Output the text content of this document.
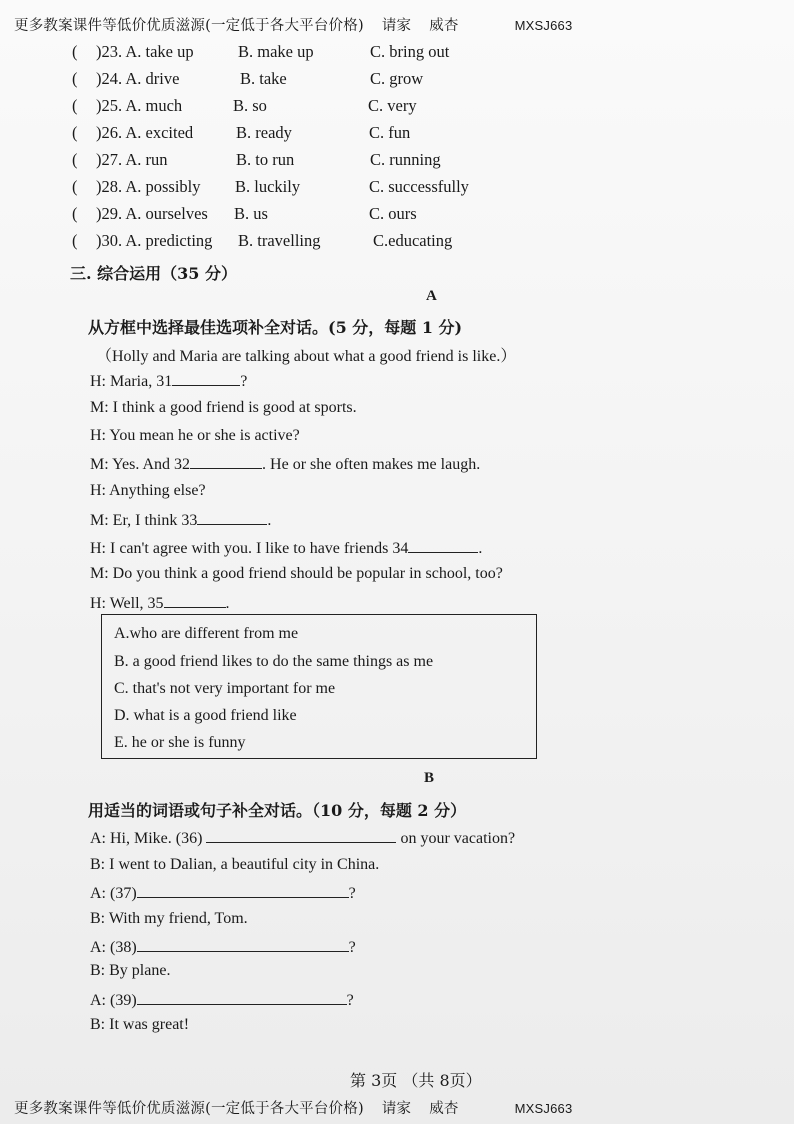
更多教案课件等低价优质滋源(一定低于各大平台价格) 请家 威杏	MXSJ663
( )23. A. take up	B. make up	C. bring out
( )24. A. drive	B. take	C. grow
( )25. A. much	B. so	C. very
( )26. A. excited	B. ready	C. fun
( )27. A. run	B. to run	C. running
( )28. A. possibly B. luckily	C. successfully
( )29. A. ourselves B. us	C. ours
( )30. A. predicting B. travelling	C.educating
三. 综合运用（35 分）
A
从方框中选择最佳选项补全对话。(5 分，每题 1 分)
（Holly and Maria are talking about what a good friend is like.）
H: Maria, 31	?
M: I think a good friend is good at sports.
H: You mean he or she is active?
M: Yes. And 32	. He or she often makes me laugh.
H: Anything else?
M: Er, I think 33	.
H: I can't agree with you. I like to have friends 34	.
M: Do you think a good friend should be popular in school, too?
H: Well, 35	.
A.who are different from me
B. a good friend likes to do the same things as me
C. that's not very important for me
D. what is a good friend like
E. he or she is funny
B
用适当的词语或句子补全对话。（10 分，每题 2 分）
A: Hi, Mike. (36)	on your vacation?
B: I went to Dalian, a beautiful city in China.
A: (37)	?
B: With my friend, Tom.
A: (38)	?
B: By plane.
A: (39)	?
B: It was great!
第 3页 （共 8页）
更多教案课件等低价优质滋源(一定低于各大平台价格) 请家 威杏	MXSJ663
